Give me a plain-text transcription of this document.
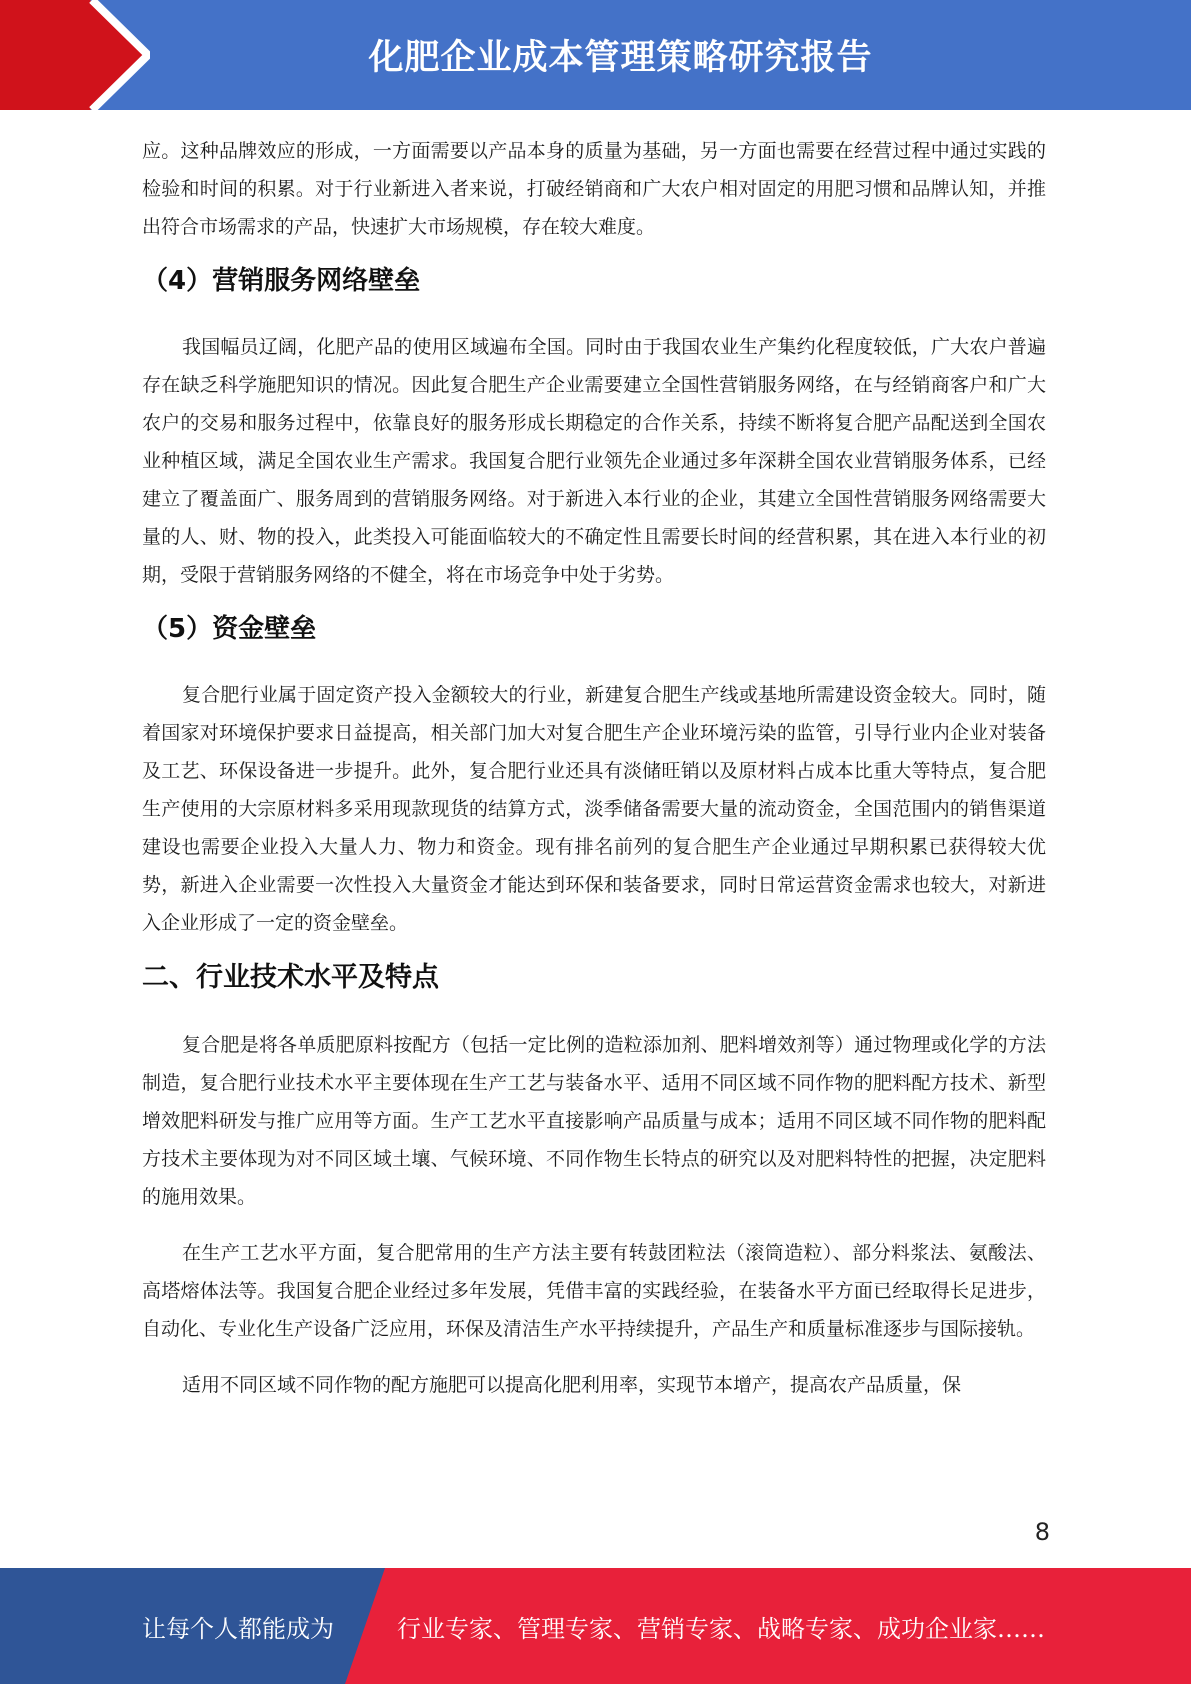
化肥企业成本管理策略研究报告

应。这种品牌效应的形成，一方面需要以产品本身的质量为基础，另一方面也需要在经营过程中通过实践的检验和时间的积累。对于行业新进入者来说，打破经销商和广大农户相对固定的用肥习惯和品牌认知，并推出符合市场需求的产品，快速扩大市场规模，存在较大难度。

（4）营销服务网络壁垒

我国幅员辽阔，化肥产品的使用区域遍布全国。同时由于我国农业生产集约化程度较低，广大农户普遍存在缺乏科学施肥知识的情况。因此复合肥生产企业需要建立全国性营销服务网络，在与经销商客户和广大农户的交易和服务过程中，依靠良好的服务形成长期稳定的合作关系，持续不断将复合肥产品配送到全国农业种植区域，满足全国农业生产需求。我国复合肥行业领先企业通过多年深耕全国农业营销服务体系，已经建立了覆盖面广、服务周到的营销服务网络。对于新进入本行业的企业，其建立全国性营销服务网络需要大量的人、财、物的投入，此类投入可能面临较大的不确定性且需要长时间的经营积累，其在进入本行业的初期，受限于营销服务网络的不健全，将在市场竞争中处于劣势。

（5）资金壁垒

复合肥行业属于固定资产投入金额较大的行业，新建复合肥生产线或基地所需建设资金较大。同时，随着国家对环境保护要求日益提高，相关部门加大对复合肥生产企业环境污染的监管，引导行业内企业对装备及工艺、环保设备进一步提升。此外，复合肥行业还具有淡储旺销以及原材料占成本比重大等特点，复合肥生产使用的大宗原材料多采用现款现货的结算方式，淡季储备需要大量的流动资金，全国范围内的销售渠道建设也需要企业投入大量人力、物力和资金。现有排名前列的复合肥生产企业通过早期积累已获得较大优势，新进入企业需要一次性投入大量资金才能达到环保和装备要求，同时日常运营资金需求也较大，对新进入企业形成了一定的资金壁垒。

二、行业技术水平及特点

复合肥是将各单质肥原料按配方（包括一定比例的造粒添加剂、肥料增效剂等）通过物理或化学的方法制造，复合肥行业技术水平主要体现在生产工艺与装备水平、适用不同区域不同作物的肥料配方技术、新型增效肥料研发与推广应用等方面。生产工艺水平直接影响产品质量与成本；适用不同区域不同作物的肥料配方技术主要体现为对不同区域土壤、气候环境、不同作物生长特点的研究以及对肥料特性的把握，决定肥料的施用效果。

在生产工艺水平方面，复合肥常用的生产方法主要有转鼓团粒法（滚筒造粒）、部分料浆法、氨酸法、高塔熔体法等。我国复合肥企业经过多年发展，凭借丰富的实践经验，在装备水平方面已经取得长足进步，自动化、专业化生产设备广泛应用，环保及清洁生产水平持续提升，产品生产和质量标准逐步与国际接轨。

适用不同区域不同作物的配方施肥可以提高化肥利用率，实现节本增产，提高农产品质量，保

8
让每个人都能成为	行业专家、管理专家、营销专家、战略专家、成功企业家……
